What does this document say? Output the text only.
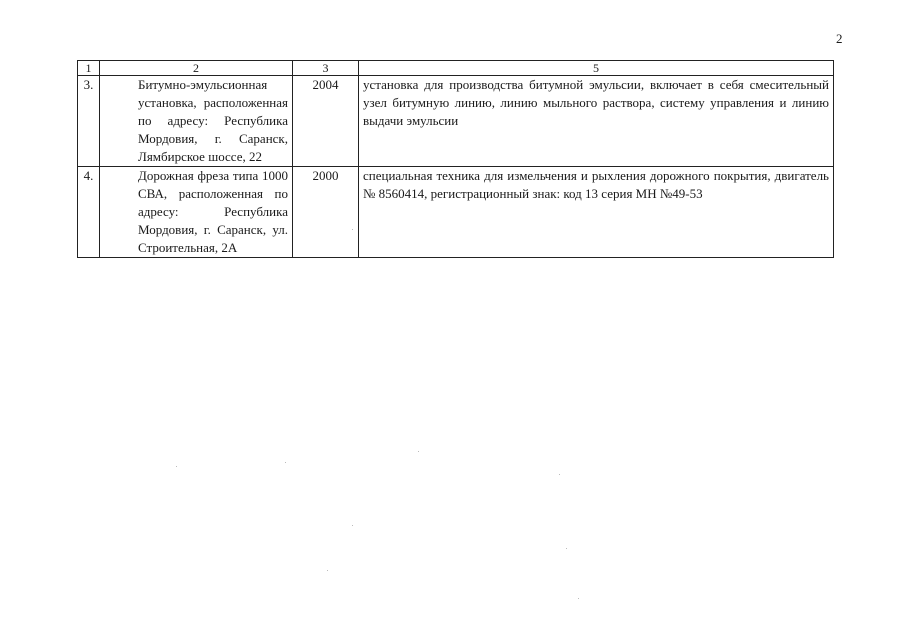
2
1	2	3	5
3.	Битумно-эмульсионная установка, расположенная по адресу: Республика Мордовия, г. Саранск, Лямбирское шоссе, 22	2004	установка для производства битумной эмульсии, включает в себя смесительный узел битумную линию, линию мыльного раствора, систему управления и линию выдачи эмульсии
4.	Дорожная фреза типа 1000 СВА, расположенная по адресу: Республика Мордовия, г. Саранск, ул. Строительная, 2А	2000	специальная техника для измельчения и рыхления дорожного покрытия, двигатель № 8560414, регистрационный знак: код 13 серия МН №49-53
